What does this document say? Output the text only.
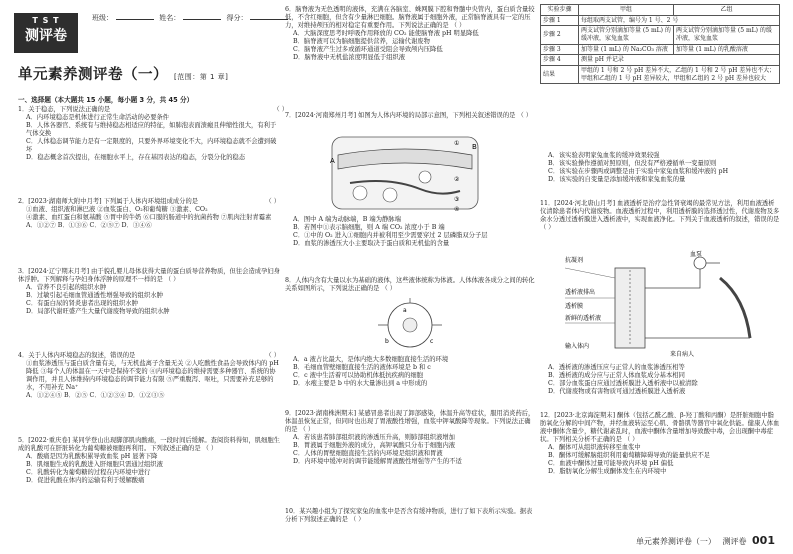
T S T
测评卷
班级：	姓名：	得分：
单元素养测评卷（一） [范围：第 1 章]
一、选择题（本大题共 15 小题，每小题 3 分，共 45 分）
1．关于稳态，下列说法正确的是	（ ）
A．内环境稳态是机体进行正常生命活动的必要条件
B．人体各器官、系统有与维持稳态相适应的特征，如肺泡表面溃瘢且伸缩性很大，有利于气体交换
C．人体稳态调节能力是有一定限度的，只要外界环境变化不大，内环境稳态就不会遭到破坏
D．稳态概念首次提出，在细胞水平上，存在基因表达的稳态，分裂分化的稳态
2．[2023·湖南师大附中月考] 下列属于人体内环境组成成分的是	（ ）
①血液、组织液和淋巴液 ②血浆蛋白、O₂和葡萄糖 ③激素、CO₂
④激素、血红蛋白和氨基酸 ⑤胃中的牛奶 ⑥口服的肠道中的抗菌药物 ⑦肌肉注射青霉素
A．①②⑦ B．①③⑥ C．②⑤⑦ D．③④⑥
3．[2024·辽宁期末月考] 由于貌孔婴儿母体获得大量的蛋白质导营养物质，但往会造成孕妇身体浮肿。下列解释与孕妇身体浮肿的原理不一样的是 （ ）
A．营养不良引起的组织水肿
B．过敏引起毛细血管通透性增强导致的组织水肿
C．有蛋白尿的肾炎患者出现的组织水肿
D．局部代谢旺盛产生大量代谢废物导致的组织水肿
4．关于人体内环境稳态的叙述，错误的是	（ ）
①血浆渗透压与蛋白质含量有关，与无机盐离子含量无关 ②人吃酸性食品会导致体内的 pH 降低 ③每个人的体温在一天中是保持不变的 ④内环境稳态的维持需要多种器官、系统的协调作用，并且人体维持内环境稳态的调节能力有限 ⑤严重腹泻、呕吐，只需要补充足够的水，不用补充 Na⁺
A．①②④⑤ B．②⑤ C．①②③④ D．①②③⑤
5．[2022·重庆卷] 某同学登山出现脚部肌肉酸痛，一段时间后缓解。查阅资料得知，肌细胞生成的乳酸可在肝脏转化为葡萄糖被细胞再利用。下列叙述正确的是 （ ）
A．酸痛是因为乳酸积累导致血浆 pH 显著下降
B．肌细胞生成的乳酸进入肝细胞只需通过组织液
C．乳酸转化为葡萄糖的过程在内环境中进行
D．促进乳酸在体内的运输有利于缓解酸痛
6．脑脊液为无色透明的液体，充满在各脑室、蛛网膜下腔和脊髓中央管内，蛋白质含量较低，不含红细胞，但含有少量淋巴细胞。脑脊液属于细胞外液，正常脑脊液具有一定的压力，对维持颅压的相对稳定有重要作用。下列说法正确的是 （ ）
A．大脑深度思考时呼吸作用释放的 CO₂ 能使脑脊液 pH 明显降低
B．脑脊液可以为脑细胞提供营养，运输代谢废物
C．脑脊液产生过多或循环通道受阻会导致颅内压降低
D．脑脊液中无机盐浓度明显低于组织液
7．[2024·河南郑州月考] 如图为人体内环境的局部示意图，下列相关叙述错误的是 （ ）
A
B
①
②
③
④
A．图中 A 端为动脉端，B 端为静脉端
B．若图中①表示脑细胞，则 A 端 CO₂ 浓度小于 B 端
C．①中的 O₂ 进入①细胞内并被利用至少需要穿过 2 层磷脂双分子层
D．血浆的渗透压大小主要取决于蛋白质和无机盐的含量
8．人体内含有大量以水为基础的液体，这些液体统称为体液。人体体液各成分之间的转化关系如图所示，下列说法正确的是 （ ）
a
b	c
A．a 液占比最大，是体内绝大多数细胞直接生活的环境
B．毛细血管壁细胞直接生活的液体环境是 b 和 c
C．c 液中生活着可以协助机体抵抗疾病的细胞
D．水疱主要是 b 中的水大量渗出到 a 中形成的
9．[2023·湖南株洲期末] 某感冒患者出现了卸部感染，体温升高等症状，服用消炎药后，体温虽恢复正常，但同时也出现了胃液酸性增强，血浆中钾氧酸降等现象。下列说法正确的是 （ ）
A．若该患者肺部组织液的渗透压升高，则肺部组织液增加
B．胃液属于细胞外液的成分，高钾氧酸只分布于细胞内液
C．人体的胃壁细胞直接生活的内环境是组织液和胃液
D．内环境中缓冲对的调节能缓解胃液酸性增强等产生的不适
10．某兴趣小组为了探究家兔的血浆中是否含有缓冲物质，进行了如下表所示实验。据表分析下列叙述正确的是 （ ）
实验步骤	甲组	乙组
步骤 1	每组取两支试管，编号为 1 号、2 号	
步骤 2	两支试管分别滴加等量 (5 mL) 的缓冲液，家兔血浆	两支试管分别滴加等量 (5 mL) 的缓冲液，家兔血浆
步骤 3	加等量 (1 mL) 的 Na₂CO₃ 溶液	加等量 (1 mL) 的乳酸溶液
步骤 4	测量 pH 并记录	
结果	甲组的 1 号和 2 号 pH 差异不大，乙组的 1 号和 2 号 pH 差异也不大；甲组和乙组的 1 号 pH 差异较大，甲组和乙组的 2 号 pH 差异也较大	
A．该实验表明家兔血浆的缓冲效果较强
B．该实验操作遵循对照原则，但没有严格遵循单一变量原则
C．该实验在步骤两或调整是由于实验中家兔血浆和缓冲液的 pH
D．该实验的自变量是添加缓冲液和家兔血浆的量
11．[2024·河北唐山月考] 血液透析是治疗急性肾衰竭的最常见方法，利用血液透析仪清除患者体内代谢废物。血液透析过程中，利用透析膜的选择透过性，代谢废物及多余水分透过透析膜进入透析液中，实现血液净化。下列关于血液透析的叙述，错误的是 （ ）
抗凝剂
血泵
透析液排出
透析膜
新鲜的透析液
输入体内
来自病人
A．透析液的渗透压应与正常人的血浆渗透压相等
B．透析液的成分应与正常人体血浆成分基本相同
C．部分血浆蛋白应通过透析膜进入透析液中以被清除
D．代谢废物或有害物质可通过透析膜进入透析液
12．[2023·北京海淀期末] 酮体（包括乙酰乙酸、β-羟丁酸和丙酮）是肝脏细胞中脂肪氧化分解的中间产物，并经血液转运至心肌、骨骼肌等器官中氧化供能。健康人体血液中酮体含量少，糖代谢紊乱时，血液中酮体含量增加导致酸中毒，会出现酮中毒症状。下列相关分析不正确的是 （ ）
A．酮体可从组织液转移至血浆中
B．酮体可缓解脑组织利用葡萄糖障碍导致的能量供应不足
C．血液中酮体过量可能导致内环境 pH 偏低
D．脂肪氧化分解生成酮体发生在内环境中
单元素养测评卷（一） 测评卷 001
